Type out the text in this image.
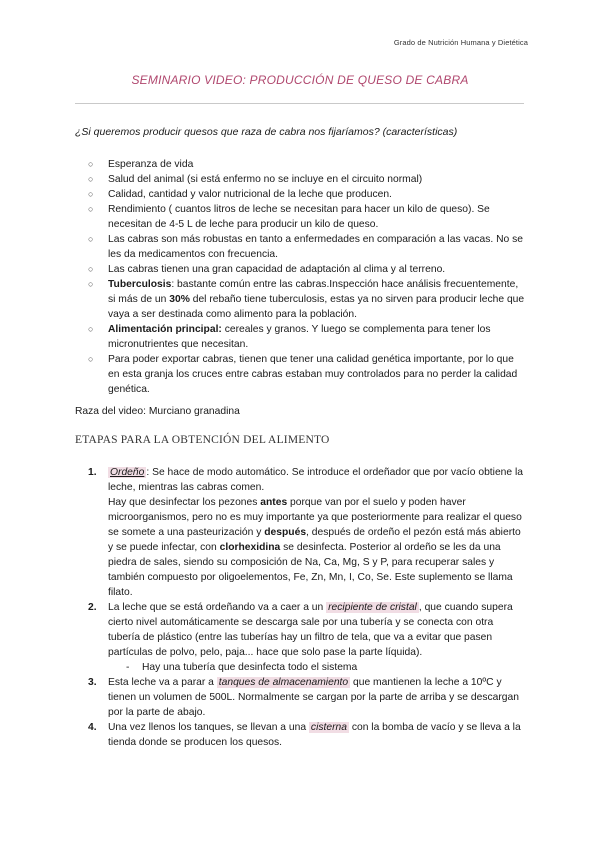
Grado de Nutrición Humana y Dietética
SEMINARIO VIDEO: PRODUCCIÓN DE QUESO DE CABRA
¿Si queremos producir quesos que raza de cabra nos fijaríamos? (características)
○ Esperanza de vida
○ Salud del animal (si está enfermo no se incluye en el circuito normal)
○ Calidad, cantidad y valor nutricional de la leche que producen.
○ Rendimiento ( cuantos litros de leche se necesitan para hacer un kilo de queso). Se necesitan de 4-5 L de leche para producir un kilo de queso.
○ Las cabras son más robustas en tanto a enfermedades en comparación a las vacas. No se les da medicamentos con frecuencia.
○ Las cabras tienen una gran capacidad de adaptación al clima y al terreno.
○ Tuberculosis: bastante común entre las cabras.Inspección hace análisis frecuentemente, si más de un 30% del rebaño tiene tuberculosis, estas ya no sirven para producir leche que vaya a ser destinada como alimento para la población.
○ Alimentación principal: cereales y granos. Y luego se complementa para tener los micronutrientes que necesitan.
○ Para poder exportar cabras, tienen que tener una calidad genética importante, por lo que en esta granja los cruces entre cabras estaban muy controlados para no perder la calidad genética.
Raza del video: Murciano granadina
ETAPAS PARA LA OBTENCIÓN DEL ALIMENTO
1. Ordeño : Se hace de modo automático. Se introduce el ordeñador que por vacío obtiene la leche, mientras las cabras comen.
Hay que desinfectar los pezones antes porque van por el suelo y poden haver microorganismos, pero no es muy importante ya que posteriormente para realizar el queso se somete a una pasteurización y después, después de ordeño el pezón está más abierto y se puede infectar, con clorhexidina se desinfecta. Posterior al ordeño se les da una piedra de sales, siendo su composición de Na, Ca, Mg, S y P, para recuperar sales y también compuesto por oligoelementos, Fe, Zn, Mn, I, Co, Se. Este suplemento se llama filato.
2. La leche que se está ordeñando va a caer a un recipiente de cristal , que cuando supera cierto nivel automáticamente se descarga sale por una tubería y se conecta con otra tubería de plástico (entre las tuberías hay un filtro de tela, que va a evitar que pasen partículas de polvo, pelo, paja... hace que solo pase la parte líquida).
- Hay una tubería que desinfecta todo el sistema
3. Esta leche va a parar a tanques de almacenamiento que mantienen la leche a 10ºC y tienen un volumen de 500L. Normalmente se cargan por la parte de arriba y se descargan por la parte de abajo.
4. Una vez llenos los tanques, se llevan a una cisterna con la bomba de vacío y se lleva a la tienda donde se producen los quesos.
